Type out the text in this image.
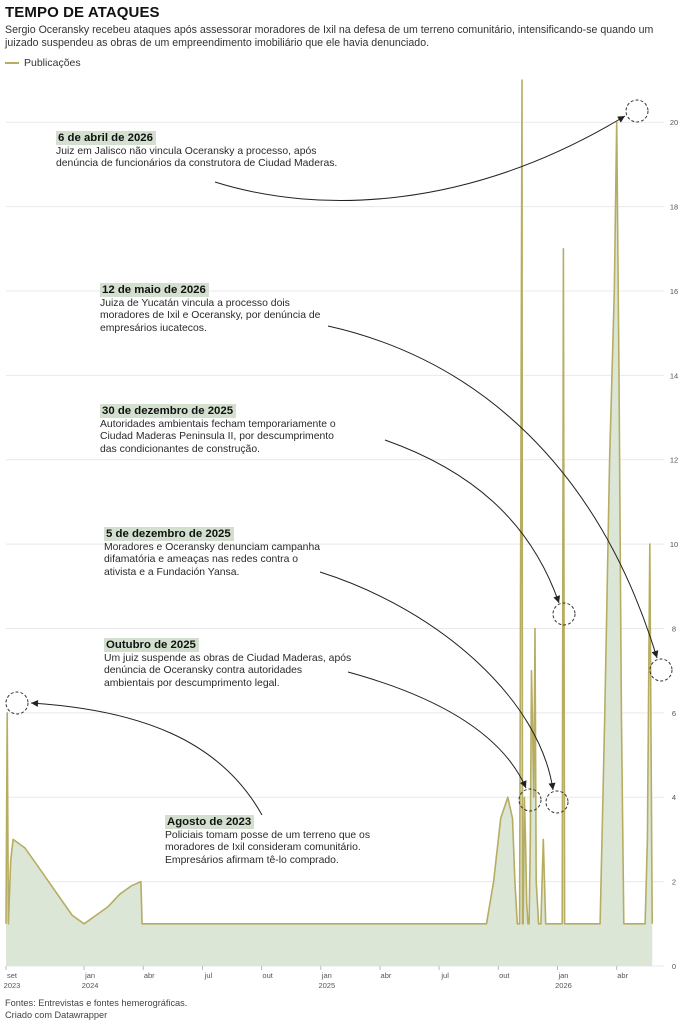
TEMPO DE ATAQUES
Sergio Oceransky recebeu ataques após assessorar moradores de Ixil na defesa de um terreno comunitário, intensificando-se quando um juizado suspendeu as obras de um empreendimento imobiliário que ele havia denunciado.
Publicações
0
2
4
6
8
10
12
14
16
18
20
set
2023
jan
2024
abr	jul	out	jan
2025
abr	jul	out	jan
2026
abr
6 de abril de 2026
Juiz em Jalisco não vincula Oceransky a processo, após
denúncia de funcionários da construtora de Ciudad Maderas.
12 de maio de 2026
Juiza de Yucatán vincula a processo dois
moradores de Ixil e Oceransky, por denúncia de
empresários iucatecos.
30 de dezembro de 2025
Autoridades ambientais fecham temporariamente o
Ciudad Maderas Peninsula II, por descumprimento
das condicionantes de construção.
5 de dezembro de 2025
Moradores e Oceransky denunciam campanha
difamatória e ameaças nas redes contra o
ativista e a Fundación Yansa.
Outubro de 2025
Um juiz suspende as obras de Ciudad Maderas, após
denúncia de Oceransky contra autoridades
ambientais por descumprimento legal.
Agosto de 2023
Policiais tomam posse de um terreno que os
moradores de Ixil consideram comunitário.
Empresários afirmam tê-lo comprado.
Fontes: Entrevistas e fontes hemerográficas.
Criado com Datawrapper
